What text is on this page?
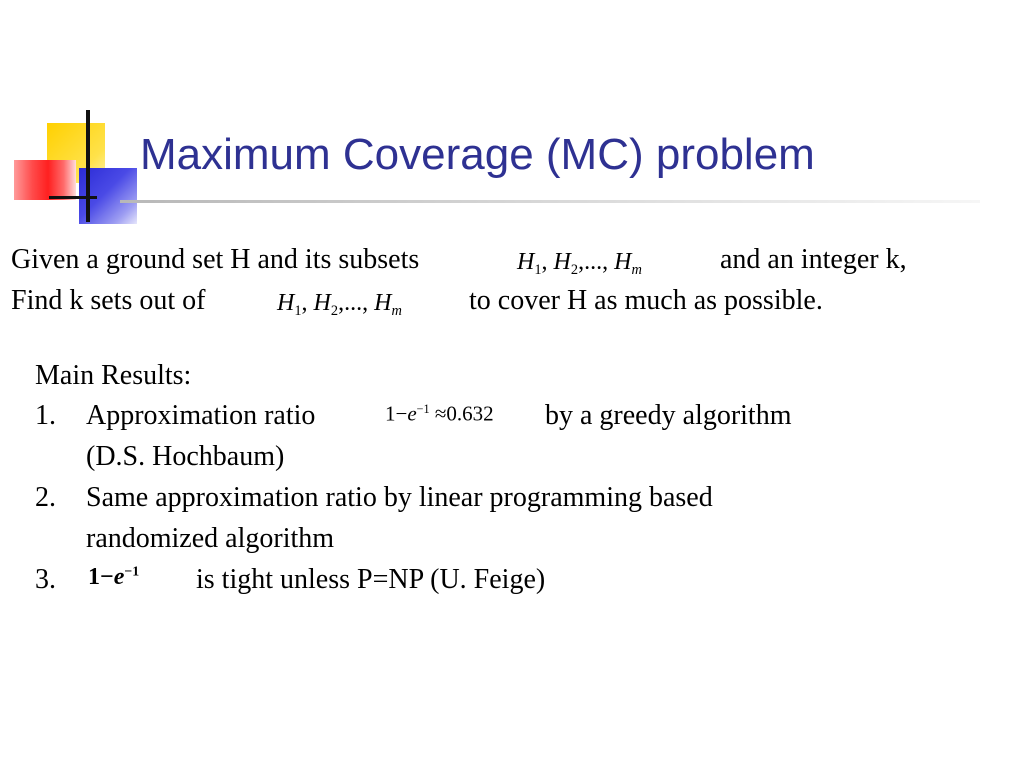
Maximum Coverage (MC) problem
Given a ground set H and its subsets	$H_1$, $H_2$,..., $H_m$	and an integer k,
Find k sets out of	$H_1$, $H_2$,..., $H_m$ to cover H as much as possible.
Main Results:
1. Approximation ratio	$1-e^{-1} \approx 0.632$ by a greedy algorithm
(D.S. Hochbaum)
2. Same approximation ratio by linear programming based
randomized algorithm
3. $1-e^{-1}$ is tight unless P=NP (U. Feige)
